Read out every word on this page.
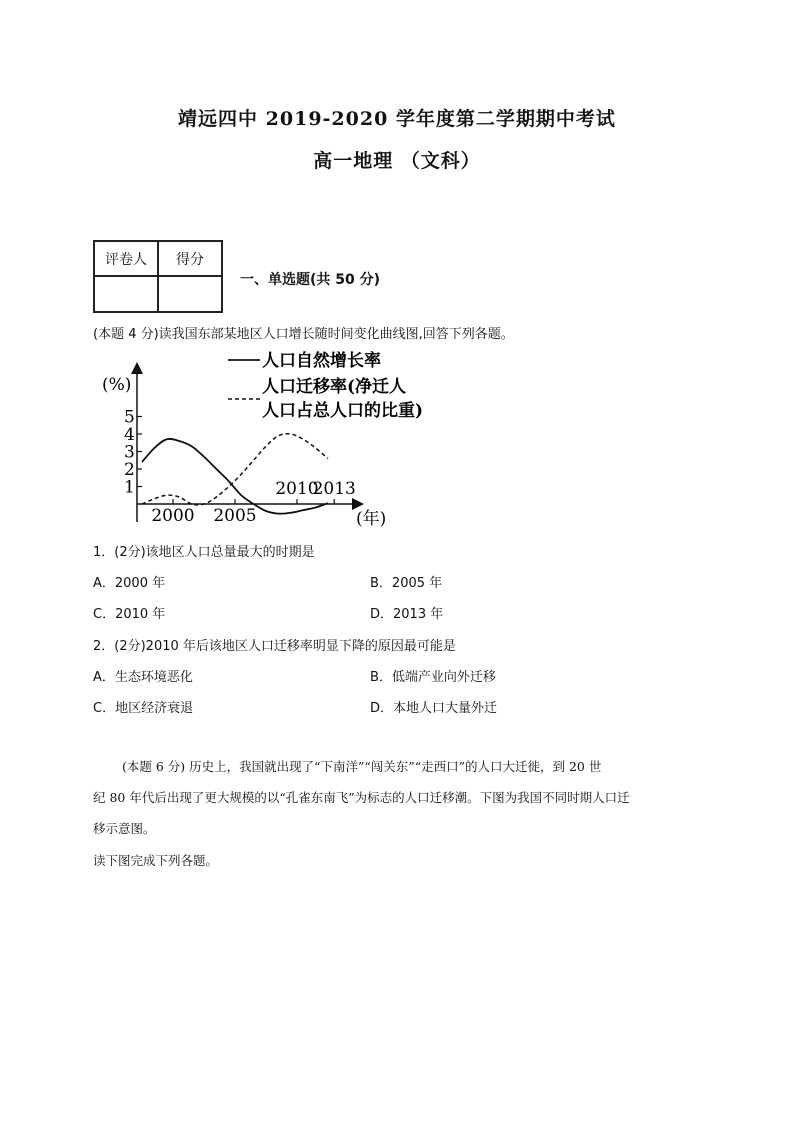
靖远四中 2019-2020 学年度第二学期期中考试
高一地理 （文科）
评卷人	得分

一、单选题(共 50 分)
(本题 4 分)读我国东部某地区人口增长随时间变化曲线图,回答下列各题。
1
2
3
4
5
2000 2005
2010
2013
(%)
(年)
人口自然增长率
人口迁移率(净迁人
人口占总人口的比重)
1．(2分)该地区人口总量最大的时期是
A．2000 年	B．2005 年
C．2010 年	D．2013 年
2．(2分)2010 年后该地区人口迁移率明显下降的原因最可能是
A．生态环境恶化	B．低端产业向外迁移
C．地区经济衰退	D．本地人口大量外迁
(本题 6 分) 历史上，我国就出现了“下南洋”“闯关东”“走西口”的人口大迁徙，到 20 世
纪 80 年代后出现了更大规模的以“孔雀东南飞”为标志的人口迁移潮。下图为我国不同时期人口迁
移示意图。
读下图完成下列各题。
